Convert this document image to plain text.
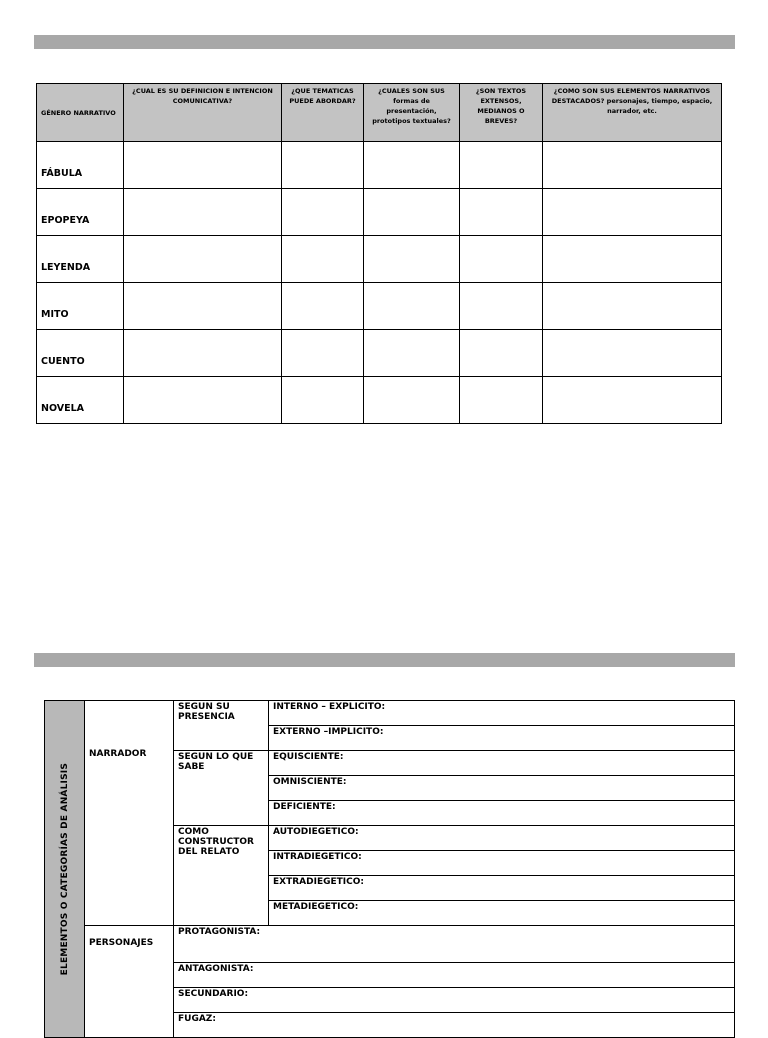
GÉNERO NARRATIVO	¿CUAL ES SU DEFINICION E INTENCION COMUNICATIVA?	¿QUE TEMATICAS PUEDE ABORDAR?	¿CUALES SON SUS formas de presentación, prototipos textuales?	¿SON TEXTOS EXTENSOS, MEDIANOS O BREVES?	¿COMO SON SUS ELEMENTOS NARRATIVOS DESTACADOS? personajes, tiempo, espacio, narrador, etc.
FÁBULA					
EPOPEYA					
LEYENDA					
MITO					
CUENTO					
NOVELA					
ELEMENTOS O CATEGORÍAS DE ANÁLISIS	NARRADOR	SEGUN SU PRESENCIA	INTERNO – EXPLICITO:
			EXTERNO –IMPLICITO:
		SEGUN LO QUE SABE	EQUISCIENTE:
			OMNISCIENTE:
			DEFICIENTE:
		COMO CONSTRUCTOR DEL RELATO	AUTODIEGETICO:
			INTRADIEGETICO:
			EXTRADIEGETICO:
			METADIEGETICO:
	PERSONAJES	PROTAGONISTA:	
		ANTAGONISTA:	
		SECUNDARIO:	
		FUGAZ:	
